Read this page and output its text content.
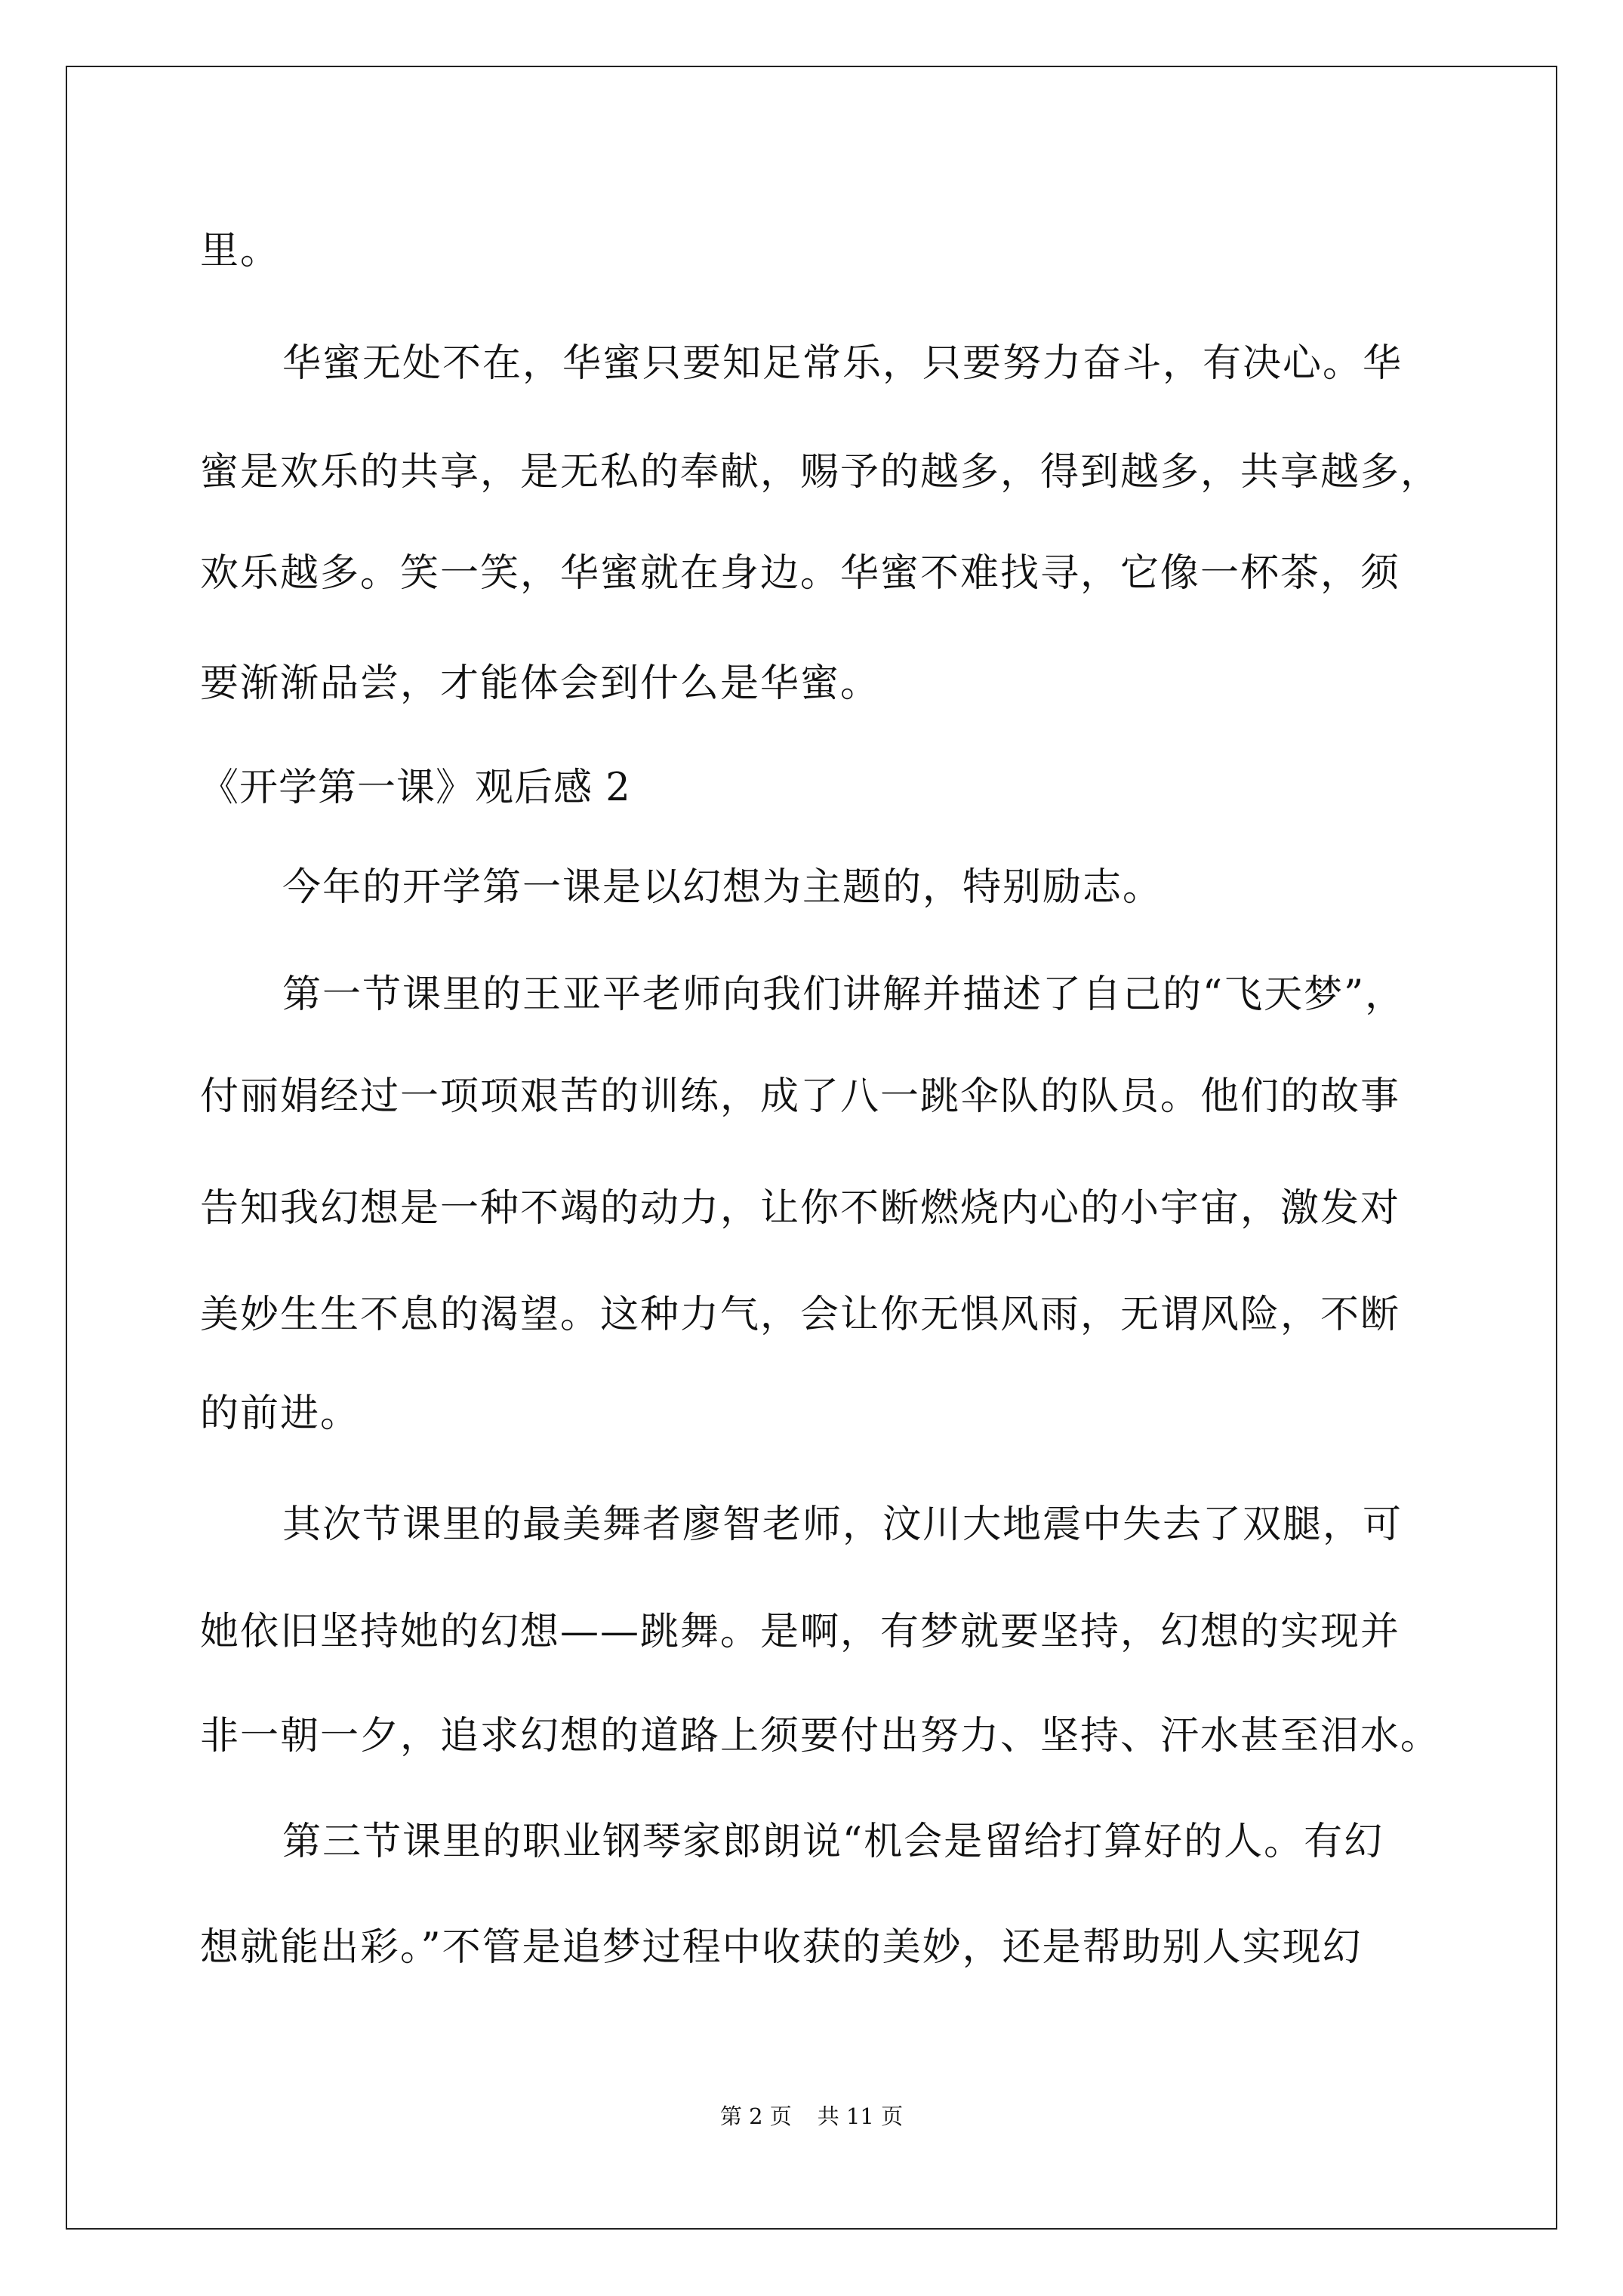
里。

华蜜无处不在，华蜜只要知足常乐，只要努力奋斗，有决心。华

蜜是欢乐的共享，是无私的奉献，赐予的越多，得到越多，共享越多，

欢乐越多。笑一笑，华蜜就在身边。华蜜不难找寻，它像一杯茶，须

要渐渐品尝，才能体会到什么是华蜜。

《开学第一课》观后感 2

今年的开学第一课是以幻想为主题的，特别励志。

第一节课里的王亚平老师向我们讲解并描述了自己的“飞天梦”，

付丽娟经过一项项艰苦的训练，成了八一跳伞队的队员。他们的故事

告知我幻想是一种不竭的动力，让你不断燃烧内心的小宇宙，激发对

美妙生生不息的渴望。这种力气，会让你无惧风雨，无谓风险，不断

的前进。

其次节课里的最美舞者廖智老师，汶川大地震中失去了双腿，可

她依旧坚持她的幻想——跳舞。是啊，有梦就要坚持，幻想的实现并

非一朝一夕，追求幻想的道路上须要付出努力、坚持、汗水甚至泪水。

第三节课里的职业钢琴家郎朗说“机会是留给打算好的人。有幻

想就能出彩。”不管是追梦过程中收获的美妙，还是帮助别人实现幻

第 2 页 共 11 页
